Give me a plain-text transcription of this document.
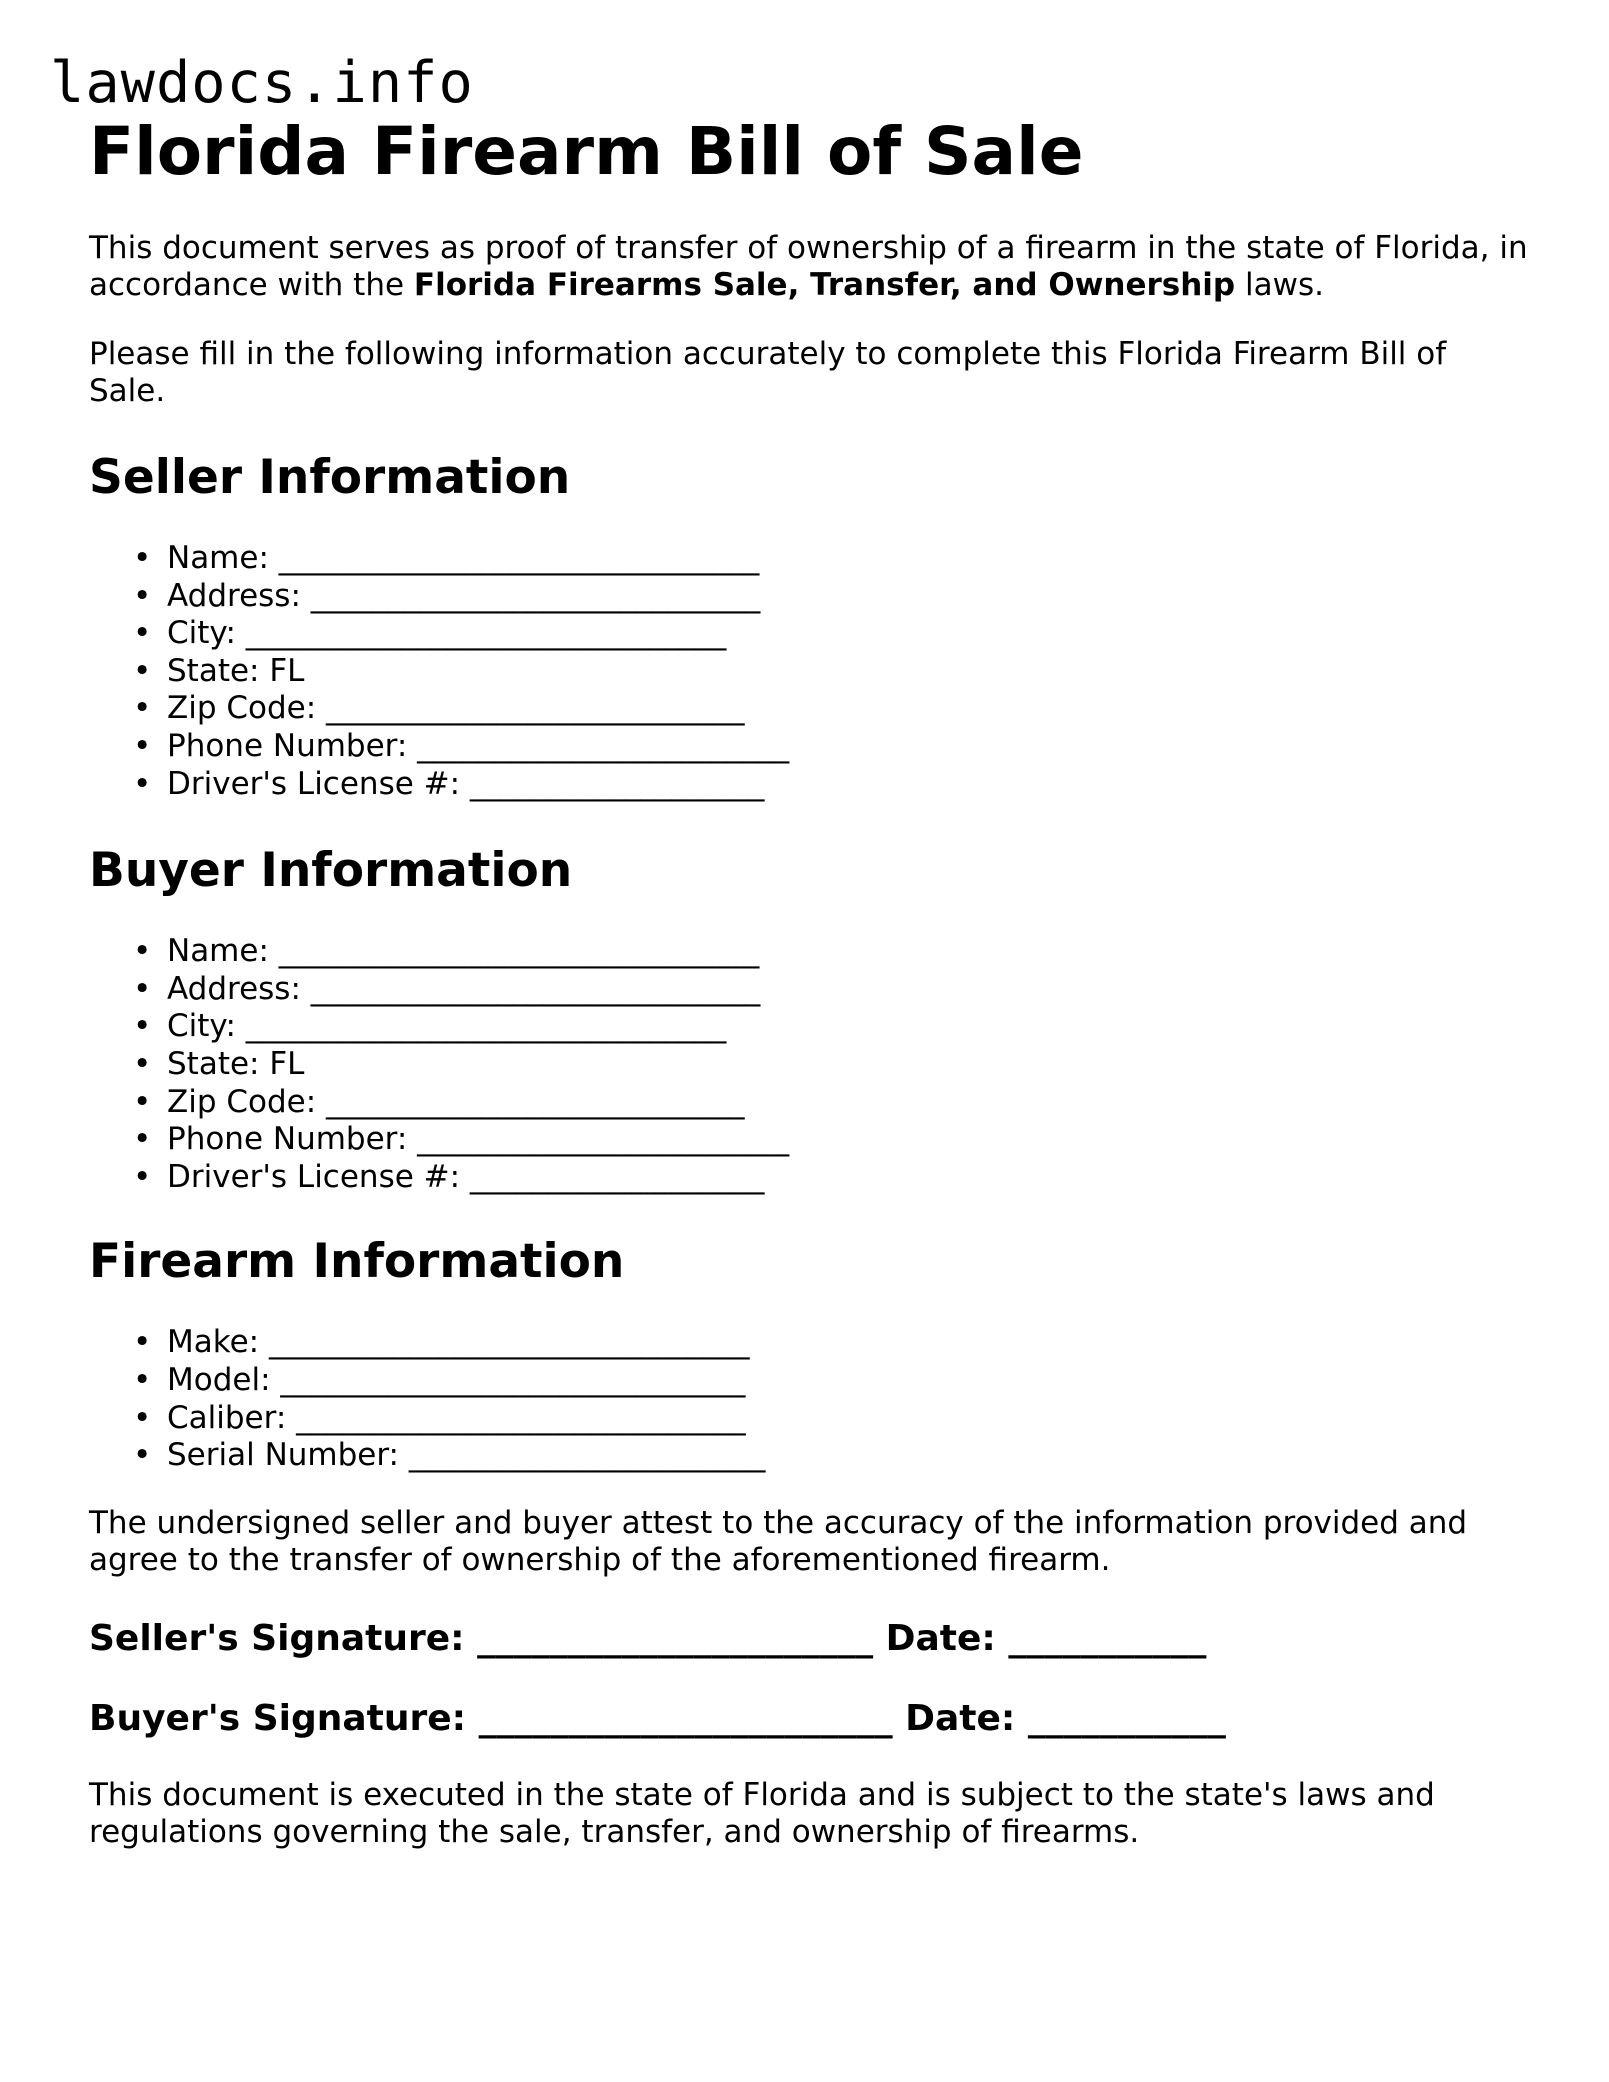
lawdocs.info
Florida Firearm Bill of Sale

This document serves as proof of transfer of ownership of a firearm in the state of Florida, in accordance with the Florida Firearms Sale, Transfer, and Ownership laws.

Please fill in the following information accurately to complete this Florida Firearm Bill of Sale.

Seller Information
• Name: _______________________________
• Address: _____________________________
• City: _______________________________
• State: FL
• Zip Code: ___________________________
• Phone Number: ________________________
• Driver's License #: ___________________
Buyer Information
• Name: _______________________________
• Address: _____________________________
• City: _______________________________
• State: FL
• Zip Code: ___________________________
• Phone Number: ________________________
• Driver's License #: ___________________
Firearm Information
• Make: _______________________________
• Model: ______________________________
• Caliber: _____________________________
• Serial Number: _______________________

The undersigned seller and buyer attest to the accuracy of the information provided and agree to the transfer of ownership of the aforementioned firearm.

Seller's Signature: ______________________ Date: ___________
Buyer's Signature: _______________________ Date: ___________

This document is executed in the state of Florida and is subject to the state's laws and regulations governing the sale, transfer, and ownership of firearms.
